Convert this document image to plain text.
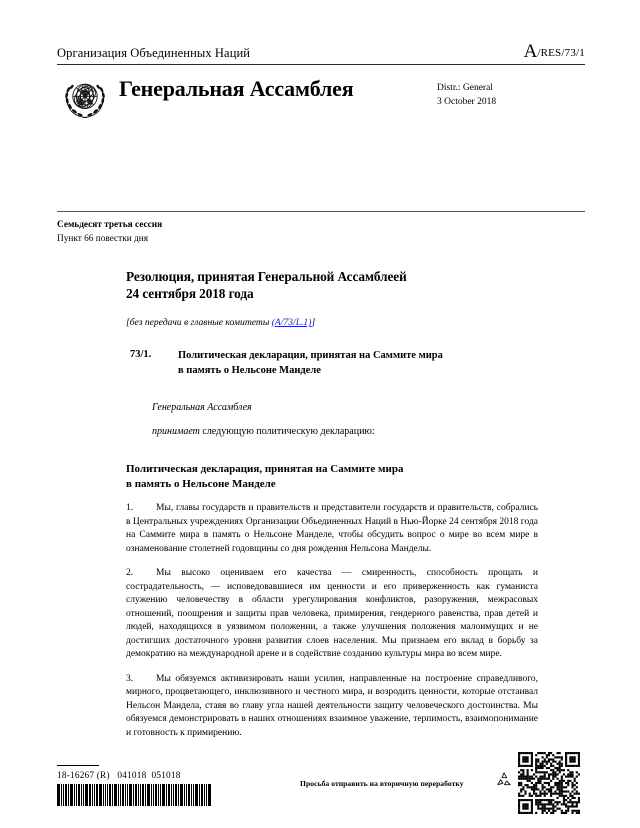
Организация Объединенных Наций	A/RES/73/1
Генеральная Ассамблея	Distr.: General
3 October 2018
Семьдесят третья сессия
Пункт 66 повестки дня
Резолюция, принятая Генеральной Ассамблеей
24 сентября 2018 года
[без передачи в главные комитеты (A/73/L.1)]
73/1.	Политическая декларация, принятая на Саммите мира
в память о Нельсоне Манделе
Генеральная Ассамблея
принимает следующую политическую декларацию:
Политическая декларация, принятая на Саммите мира
в память о Нельсоне Манделе
1. Мы, главы государств и правительств и представители государств и правительств, собрались в Центральных учреждениях Организации Объединенных Наций в Нью-Йорке 24 сентября 2018 года на Саммите мира в память о Нельсоне Манделе, чтобы обсудить вопрос о мире во всем мире в ознаменование столетней годовщины со дня рождения Нельсона Манделы.
2. Мы высоко оцениваем его качества — смиренность, способность прощать и сострадательность, — исповедовавшиеся им ценности и его приверженность как гуманиста служению человечеству в области урегулирования конфликтов, разоружения, межрасовых отношений, поощрения и защиты прав человека, примирения, гендерного равенства, прав детей и людей, находящихся в уязвимом положении, а также улучшения положения малоимущих и не достигших достаточного уровня развития слоев населения. Мы признаем его вклад в борьбу за демократию на международной арене и в содействие созданию культуры мира во всем мире.
3. Мы обязуемся активизировать наши усилия, направленные на построение справедливого, мирного, процветающего, инклюзивного и честного мира, и возродить ценности, которые отстаивал Нельсон Мандела, ставя во главу угла нашей деятельности защиту человеческого достоинства. Мы обязуемся демонстрировать в наших отношениях взаимное уважение, терпимость, взаимопонимание и готовность к примирению.
18-16267 (R) 041018 051018
Просьба отправить на вторичную переработку
